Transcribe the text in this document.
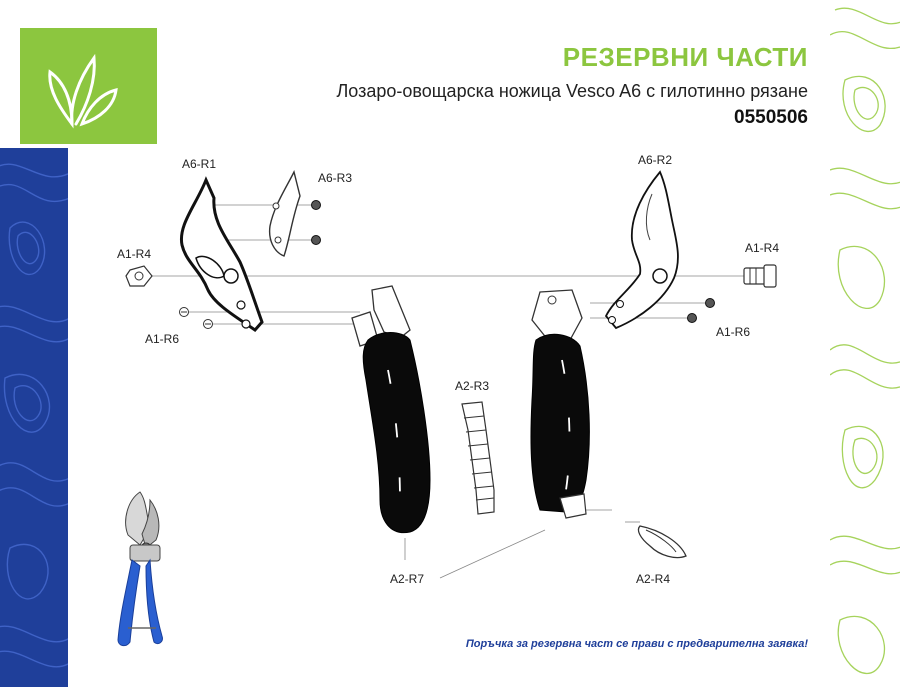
РЕЗЕРВНИ ЧАСТИ
Лозаро-овощарска ножица Vesco A6 с гилотинно рязане
0550506
A6-R1
A6-R3
A1-R4
A1-R6
A6-R2
A1-R4
A1-R6
A2-R3
A2-R7	A2-R4
Поръчка за резервна част се прави с предварителна заявка!
